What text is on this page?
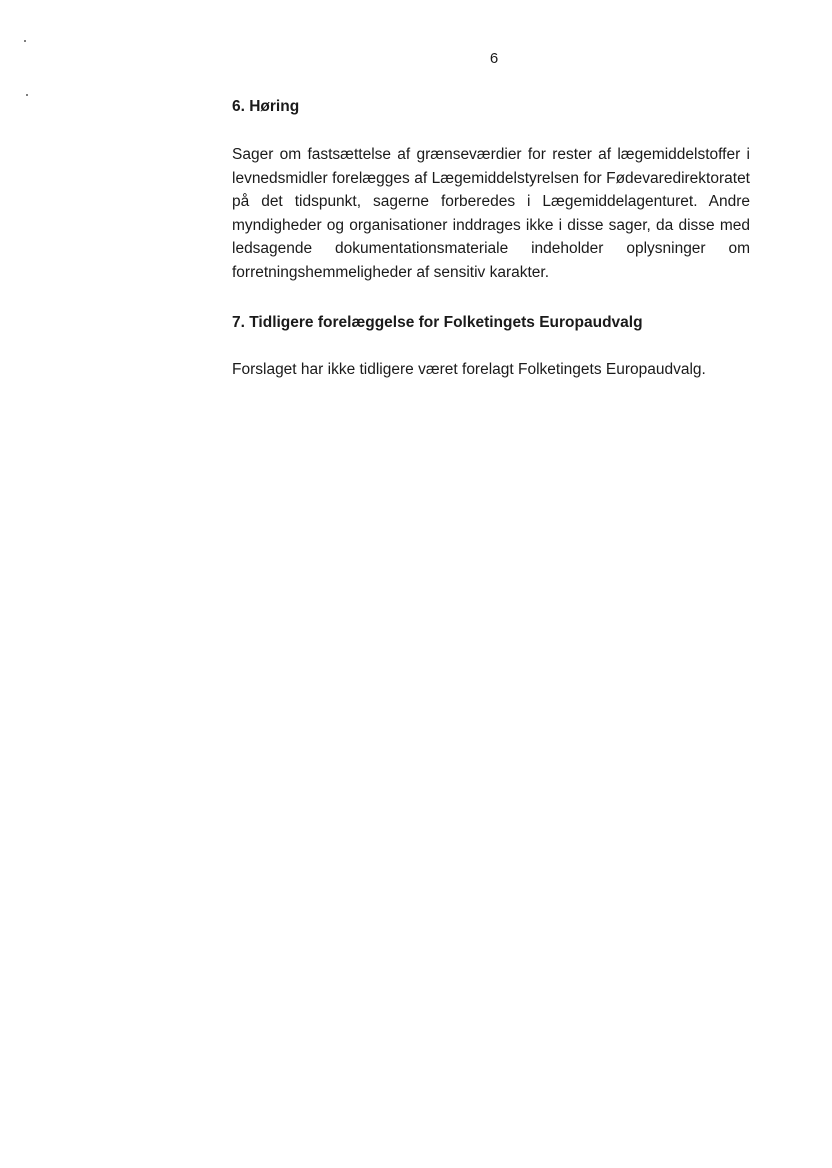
6
6. Høring

Sager om fastsættelse af grænseværdier for rester af lægemiddelstoffer i levnedsmidler forelægges af Lægemiddelstyrelsen for Fødevaredirektoratet på det tidspunkt, sagerne forberedes i Lægemiddelagenturet. Andre myndigheder og organisationer inddrages ikke i disse sager, da disse med ledsagende dokumentationsmateriale indeholder oplysninger om forretningshemmeligheder af sensitiv karakter.

7. Tidligere forelæggelse for Folketingets Europaudvalg

Forslaget har ikke tidligere været forelagt Folketingets Europaudvalg.
